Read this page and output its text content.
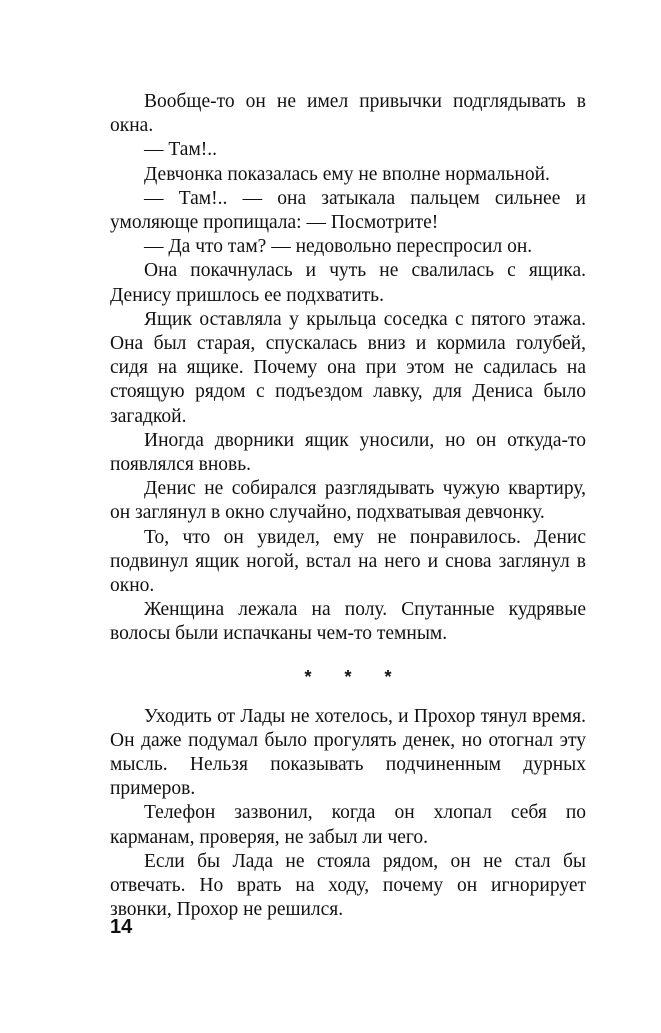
Вообще-то он не имел привычки подглядывать в окна.

— Там!..

Девчонка показалась ему не вполне нормальной.

— Там!.. — она затыкала пальцем сильнее и умоляюще пропищала: — Посмотрите!

— Да что там? — недовольно переспросил он.

Она покачнулась и чуть не свалилась с ящика. Денису пришлось ее подхватить.

Ящик оставляла у крыльца соседка с пятого этажа. Она был старая, спускалась вниз и кормила голубей, сидя на ящике. Почему она при этом не садилась на стоящую рядом с подъездом лавку, для Дениса было загадкой.

Иногда дворники ящик уносили, но он откуда-то появлялся вновь.

Денис не собирался разглядывать чужую квартиру, он заглянул в окно случайно, подхватывая девчонку.

То, что он увидел, ему не понравилось. Денис подвинул ящик ногой, встал на него и снова заглянул в окно.

Женщина лежала на полу. Спутанные кудрявые волосы были испачканы чем-то темным.

* * *

Уходить от Лады не хотелось, и Прохор тянул время. Он даже подумал было прогулять денек, но отогнал эту мысль. Нельзя показывать подчиненным дурных примеров.

Телефон зазвонил, когда он хлопал себя по карманам, проверяя, не забыл ли чего.

Если бы Лада не стояла рядом, он не стал бы отвечать. Но врать на ходу, почему он игнорирует звонки, Прохор не решился.

14
